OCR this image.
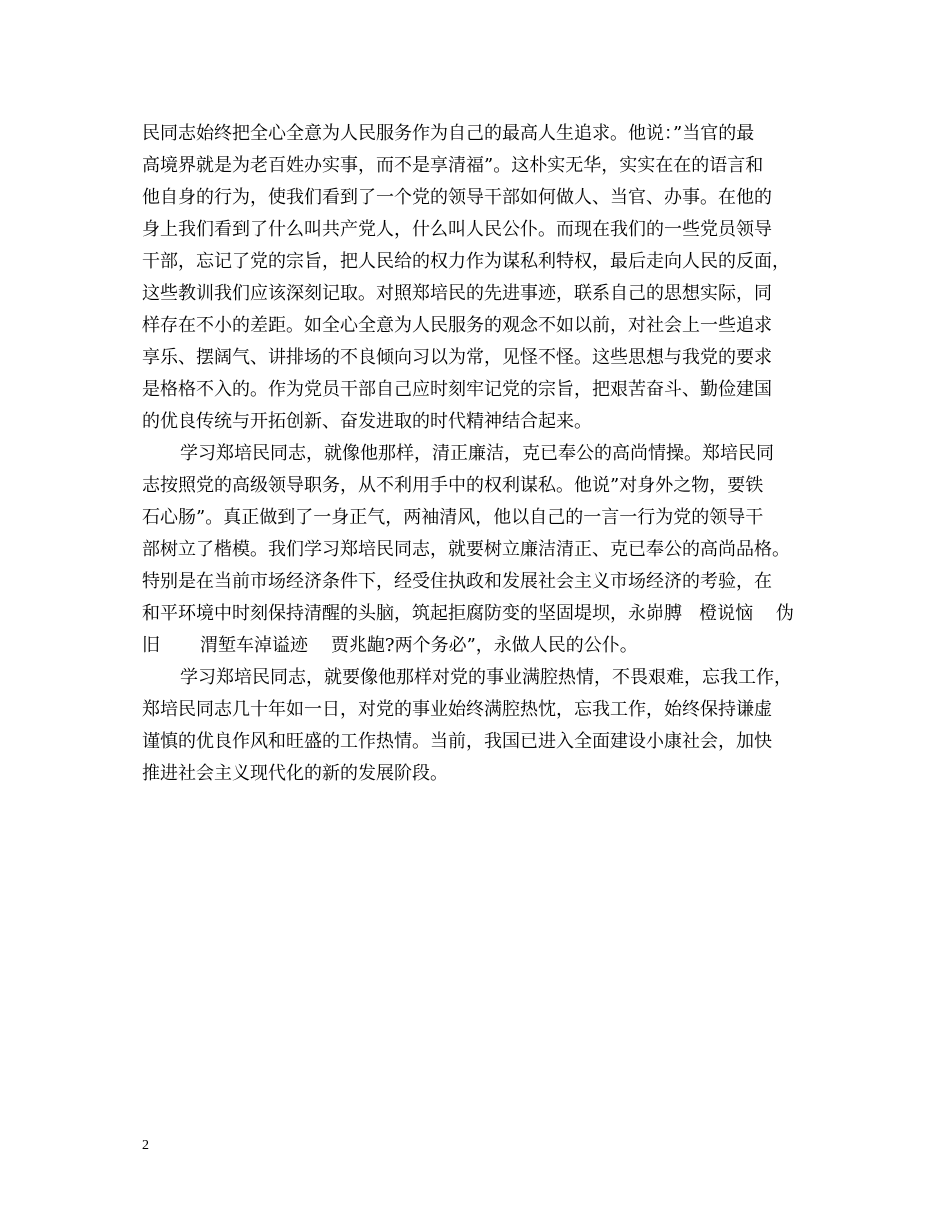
民同志始终把全心全意为人民服务作为自己的最高人生追求。他说：”当官的最
高境界就是为老百姓办实事，而不是享清福”。这朴实无华，实实在在的语言和
他自身的行为，使我们看到了一个党的领导干部如何做人、当官、办事。在他的
身上我们看到了什么叫共产党人，什么叫人民公仆。而现在我们的一些党员领导
干部，忘记了党的宗旨，把人民给的权力作为谋私利特权，最后走向人民的反面，
这些教训我们应该深刻记取。对照郑培民的先进事迹，联系自己的思想实际，同
样存在不小的差距。如全心全意为人民服务的观念不如以前，对社会上一些追求
享乐、摆阔气、讲排场的不良倾向习以为常，见怪不怪。这些思想与我党的要求
是格格不入的。作为党员干部自己应时刻牢记党的宗旨，把艰苦奋斗、勤俭建国
的优良传统与开拓创新、奋发进取的时代精神结合起来。
学习郑培民同志，就像他那样，清正廉洁，克已奉公的高尚情操。郑培民同
志按照党的高级领导职务，从不利用手中的权利谋私。他说”对身外之物，要铁
石心肠”。真正做到了一身正气，两袖清风，他以自己的一言一行为党的领导干
部树立了楷模。我们学习郑培民同志，就要树立廉洁清正、克已奉公的高尚品格。
特别是在当前市场经济条件下，经受住执政和发展社会主义市场经济的考验，在
和平环境中时刻保持清醒的头脑，筑起拒腐防变的坚固堤坝，永峁膊   橙说恼    伪
旧       渭堑车淖谥迹    贾兆龅?两个务必”，永做人民的公仆。
学习郑培民同志，就要像他那样对党的事业满腔热情，不畏艰难，忘我工作，
郑培民同志几十年如一日，对党的事业始终满腔热忱，忘我工作，始终保持谦虚
谨慎的优良作风和旺盛的工作热情。当前，我国已进入全面建设小康社会，加快
推进社会主义现代化的新的发展阶段。
2
